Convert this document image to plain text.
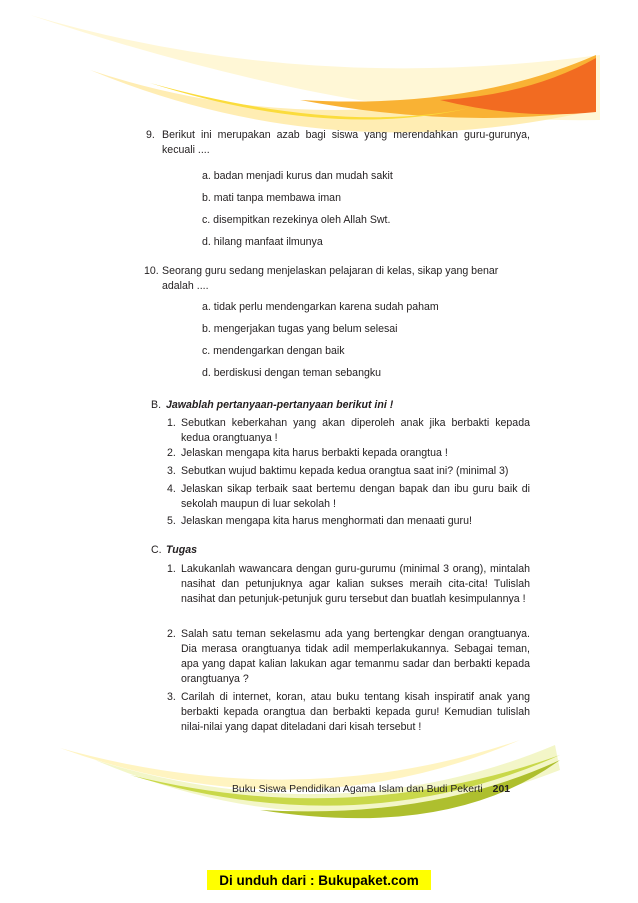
9. Berikut ini merupakan azab bagi siswa yang merendahkan guru-gurunya, kecuali ....
a. badan menjadi kurus dan mudah sakit
b. mati tanpa membawa iman
c. disempitkan rezekinya oleh Allah Swt.
d. hilang manfaat ilmunya
10. Seorang guru sedang menjelaskan pelajaran di kelas, sikap yang benar adalah ....
a. tidak perlu mendengarkan karena sudah paham
b. mengerjakan tugas yang belum selesai
c. mendengarkan dengan baik
d. berdiskusi dengan teman sebangku
B. Jawablah pertanyaan-pertanyaan berikut ini !
1. Sebutkan keberkahan yang akan diperoleh anak jika berbakti kepada kedua orangtuanya !
2. Jelaskan mengapa kita harus berbakti kepada orangtua !
3. Sebutkan wujud baktimu kepada kedua orangtua saat ini? (minimal 3)
4. Jelaskan sikap terbaik saat bertemu dengan bapak dan ibu guru baik di sekolah maupun di luar sekolah !
5. Jelaskan mengapa kita harus menghormati dan menaati guru!
C. Tugas
1. Lakukanlah wawancara dengan guru-gurumu (minimal 3 orang), mintalah nasihat dan petunjuknya agar kalian sukses meraih cita-cita! Tulislah nasihat dan petunjuk-petunjuk guru tersebut dan buatlah kesimpulannya !
2. Salah satu teman sekelasmu ada yang bertengkar dengan orangtuanya. Dia merasa orangtuanya tidak adil memperlakukannya. Sebagai teman, apa yang dapat kalian lakukan agar temanmu sadar dan berbakti kepada orangtuanya ?
3. Carilah di internet, koran, atau buku tentang kisah inspiratif anak yang berbakti kepada orangtua dan berbakti kepada guru! Kemudian tulislah nilai-nilai yang dapat diteladani dari kisah tersebut !
Buku Siswa Pendidikan Agama Islam dan Budi Pekerti 201
Di unduh dari : Bukupaket.com
